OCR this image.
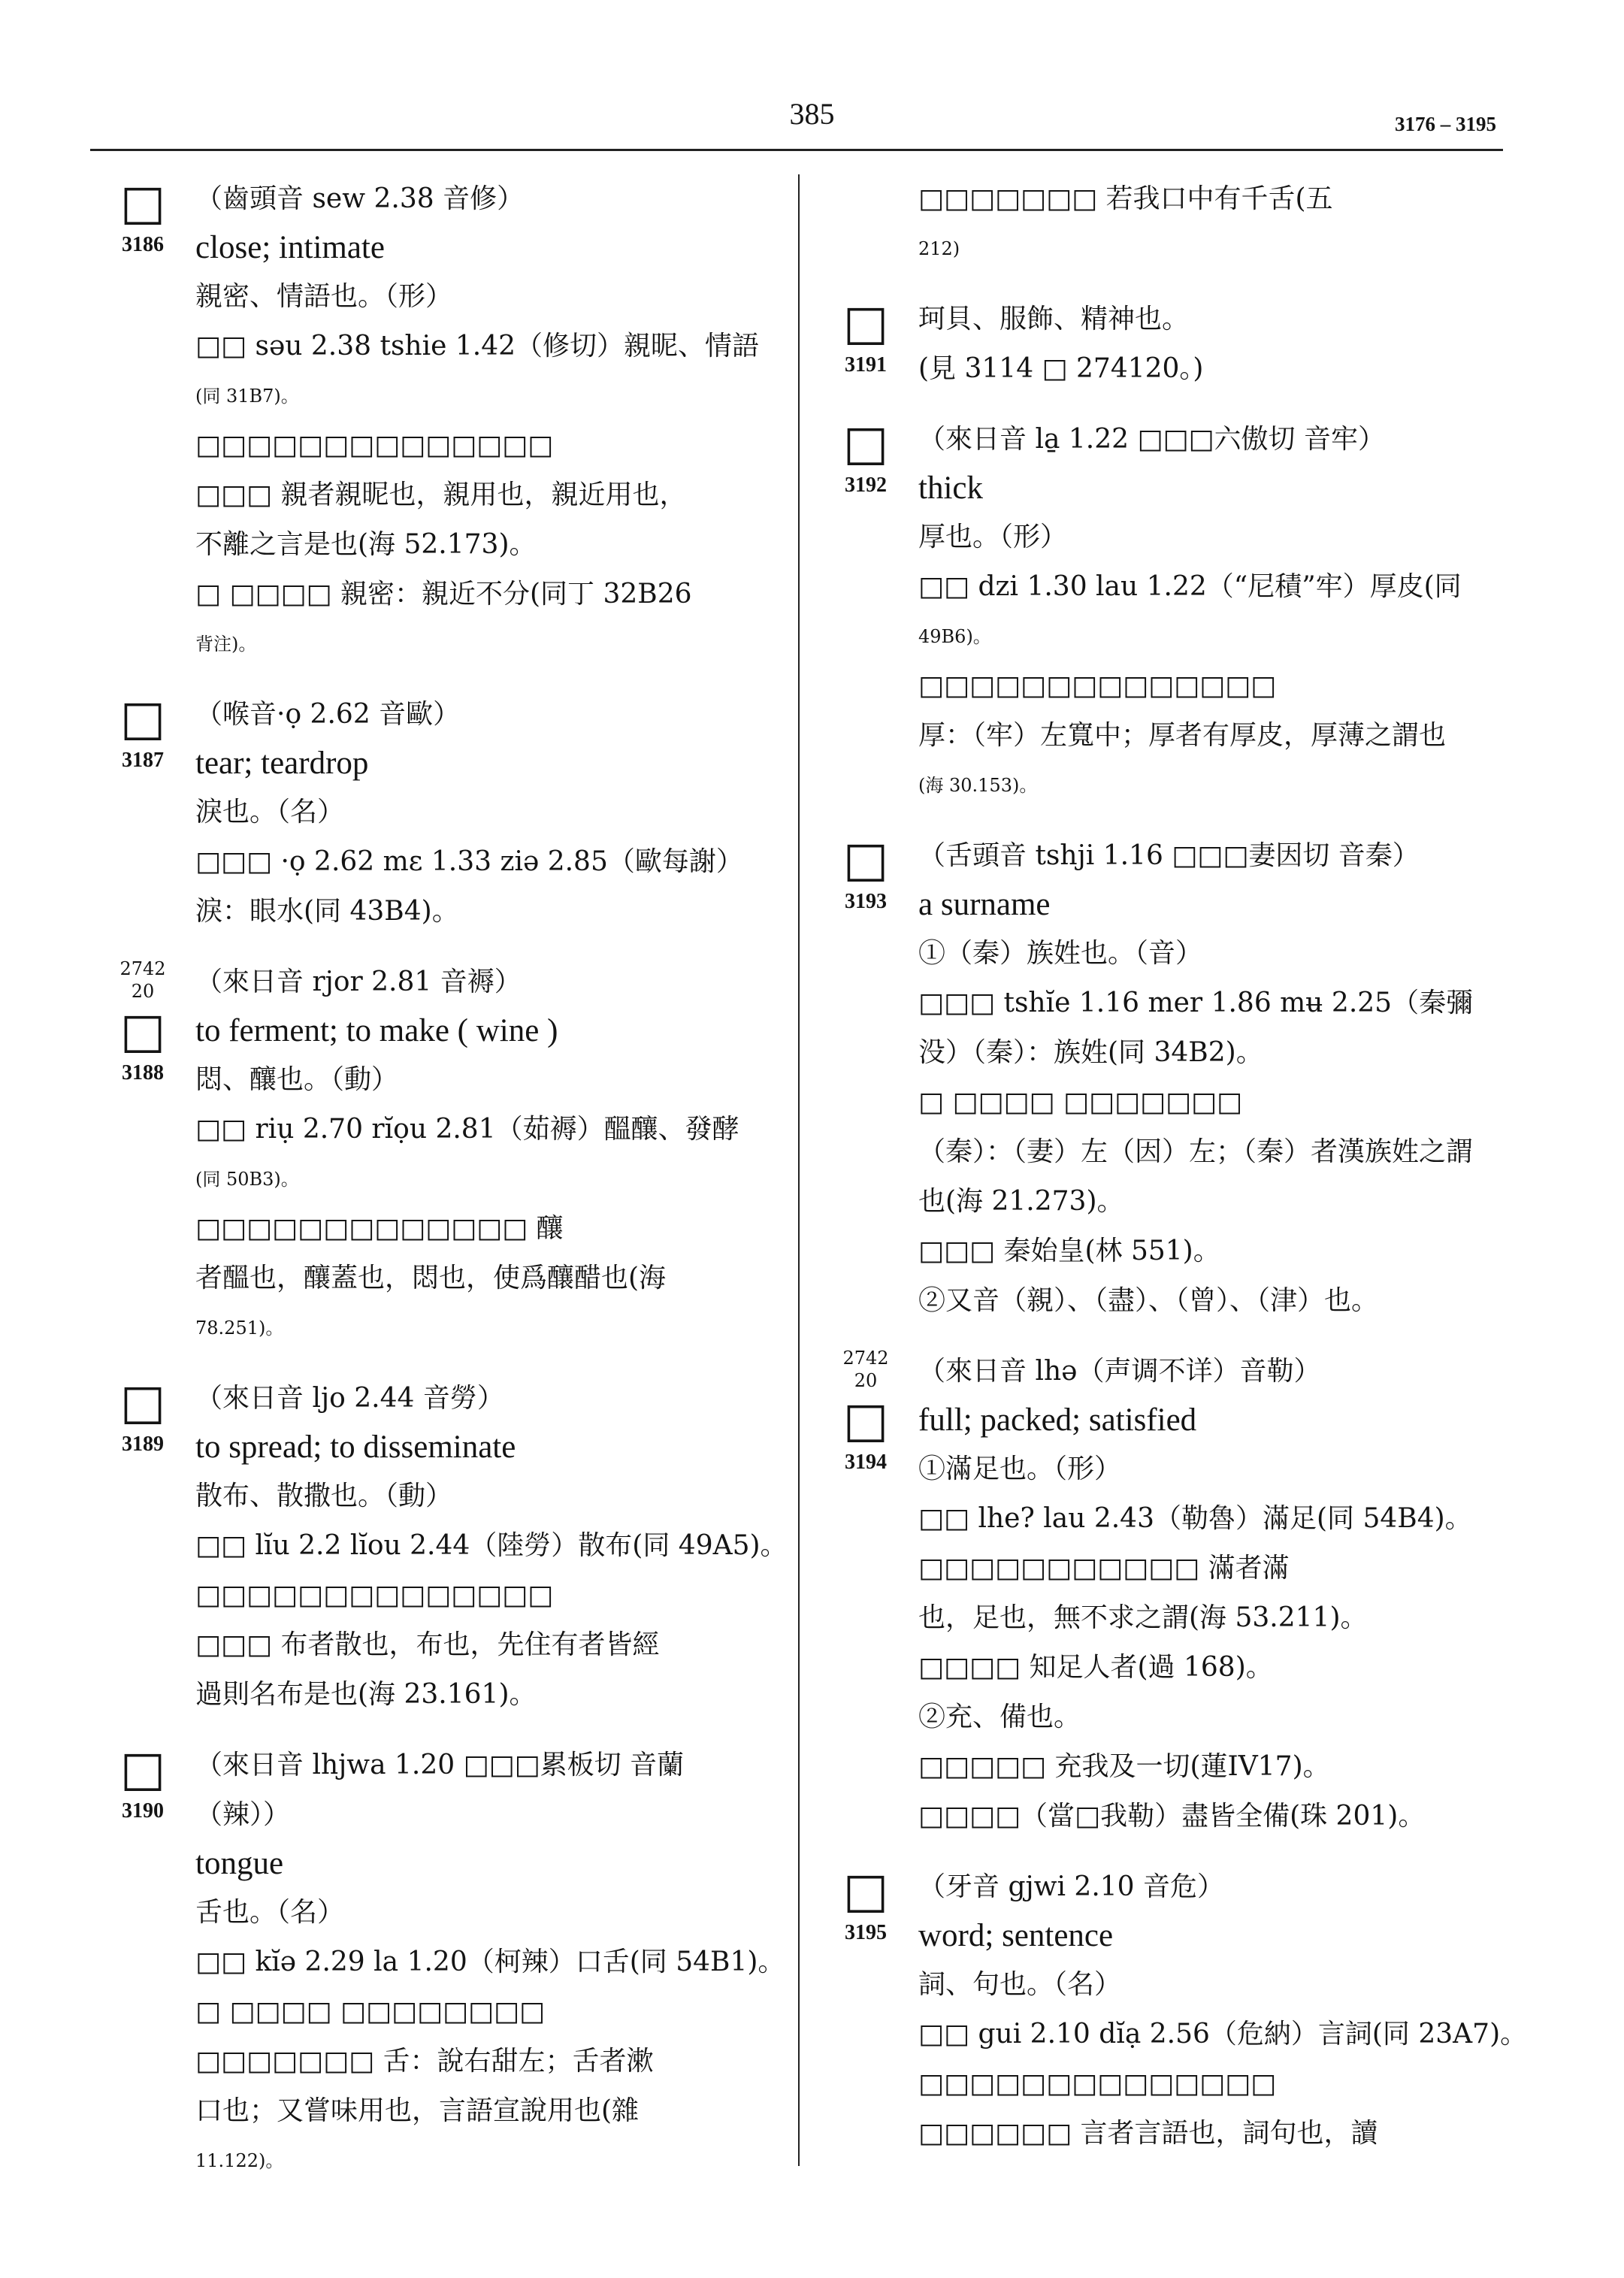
385	3176 – 3195
□
3186
（齒頭音 sew 2.38 音修）
close; intimate
親密、情語也。（形）
□□ səu 2.38 tshie 1.42（修切）親昵、情語
(同 31B7)。
□□□□□□□□□□□□□□
□□□ 親者親昵也，親用也，親近用也，
不離之言是也(海 52.173)。
□ □□□□ 親密：親近不分(同丁 32B26
背注)。
□
3187
（喉音·ọ 2.62 音歐）
tear; teardrop
淚也。（名）
□□□ ·ọ 2.62 mɛ 1.33 ziə 2.85（歐每謝）
淚：眼水(同 43B4)。
2742
20
□
3188
（來日音 rjor 2.81 音褥）
to ferment; to make ( wine )
悶、釀也。（動）
□□ riụ 2.70 rĭọu 2.81（茹褥）醞釀、發酵
(同 50B3)。
□□□□□□□□□□□□□ 釀
者醞也，釀蓋也，悶也，使爲釀醋也(海
78.251)。
□
3189
（來日音 ljo 2.44 音勞）
to spread; to disseminate
散布、散撒也。（動）
□□ lĭu 2.2 lĭou 2.44（陸勞）散布(同 49A5)。
□□□□□□□□□□□□□□
□□□ 布者散也，布也，先住有者皆經
過則名布是也(海 23.161)。
□
3190
（來日音 lhjwa 1.20 □□□累板切 音蘭
（辣））
tongue
舌也。（名）
□□ kĭə 2.29 la 1.20（柯辣）口舌(同 54B1)。
□ □□□□ □□□□□□□□
□□□□□□□ 舌：說右甜左；舌者漱
口也；又嘗味用也，言語宣說用也(雜
11.122)。
□□□□□□□ 若我口中有千舌(五
212)
□
3191
珂貝、服飾、精神也。
(見 3114 □ 274120。)
□
3192
（來日音 la̱ 1.22 □□□六傲切 音牢）
thick
厚也。（形）
□□ dzi 1.30 lau 1.22（“尼積”牢）厚皮(同
49B6)。
□□□□□□□□□□□□□□
厚：（牢）左寬中；厚者有厚皮，厚薄之謂也
(海 30.153)。
□
3193
（舌頭音 tshji 1.16 □□□妻因切 音秦）
a surname
①（秦）族姓也。（音）
□□□ tshĭe 1.16 mer 1.86 mʉ 2.25（秦彌
没）（秦）：族姓(同 34B2)。
□ □□□□ □□□□□□□
（秦）：（妻）左（因）左；（秦）者漢族姓之謂
也(海 21.273)。
□□□ 秦始皇(林 551)。
②又音（親）、（盡）、（曾）、（津）也。
2742
20
□
3194
（來日音 lhə（声调不详）音勒）
full; packed; satisfied
①滿足也。（形）
□□ lhe? lau 2.43（勒魯）滿足(同 54B4)。
□□□□□□□□□□□ 滿者滿
也，足也，無不求之謂(海 53.211)。
□□□□ 知足人者(過 168)。
②充、備也。
□□□□□ 充我及一切(蓮IV17)。
□□□□（當□我勒）盡皆全備(珠 201)。
□
3195
（牙音 gjwi 2.10 音危）
word; sentence
詞、句也。（名）
□□ gui 2.10 dĭạ 2.56（危納）言詞(同 23A7)。
□□□□□□□□□□□□□□
□□□□□□ 言者言語也，詞句也，讀
